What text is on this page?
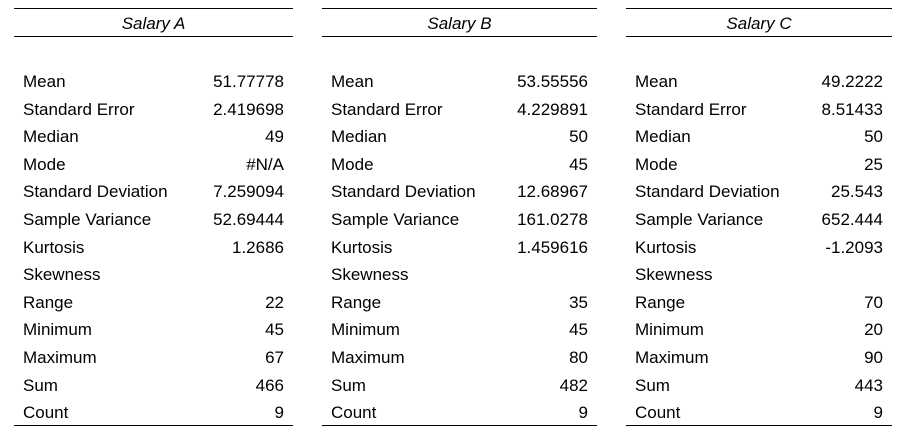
Salary A
Mean	51.77778
Standard Error	2.419698
Median	49
Mode	#N/A
Standard Deviation	7.259094
Sample Variance	52.69444
Kurtosis	1.2686
Skewness
Range	22
Minimum	45
Maximum	67
Sum	466
Count	9
Salary B
Mean	53.55556
Standard Error	4.229891
Median	50
Mode	45
Standard Deviation 12.68967
Sample Variance	161.0278
Kurtosis	1.459616
Skewness
Range	35
Minimum	45
Maximum	80
Sum	482
Count	9
Salary C
Mean	49.2222
Standard Error	8.51433
Median	50
Mode	25
Standard Deviation	25.543
Sample Variance	652.444
Kurtosis	-1.2093
Skewness
Range	70
Minimum	20
Maximum	90
Sum	443
Count	9
